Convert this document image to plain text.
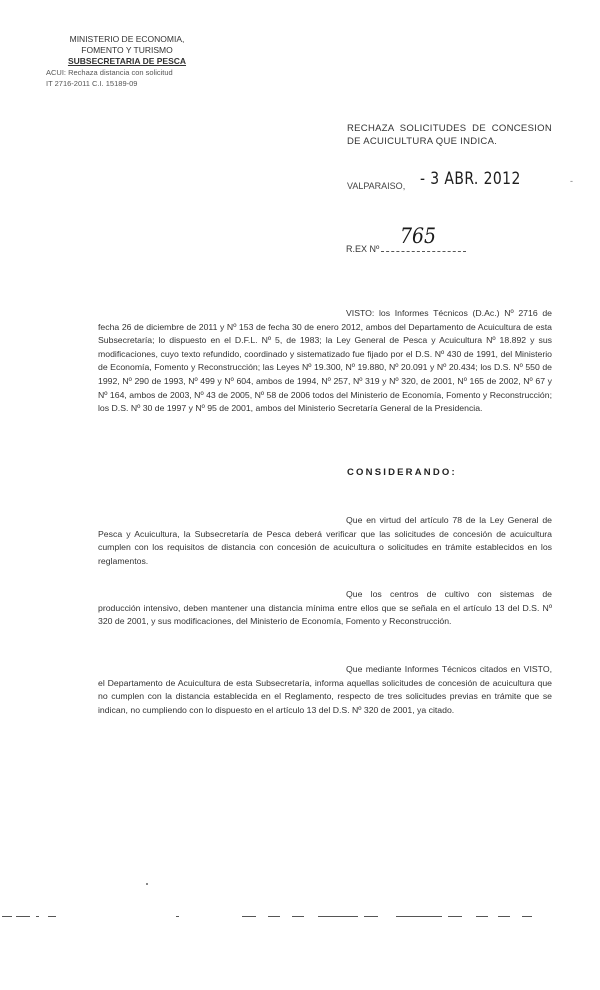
MINISTERIO DE ECONOMIA,
FOMENTO Y TURISMO
SUBSECRETARIA DE PESCA
ACUI: Rechaza distancia con solicitud
IT 2716-2011 C.I. 15189-09
RECHAZA SOLICITUDES DE CONCESION DE ACUICULTURA QUE INDICA.
VALPARAISO, - 3 ABR. 2012	-
R.EX Nº
765
VISTO: los Informes Técnicos (D.Ac.) Nº 2716 de fecha 26 de diciembre de 2011 y Nº 153 de fecha 30 de enero 2012, ambos del Departamento de Acuicultura de esta Subsecretaría; lo dispuesto en el D.F.L. Nº 5, de 1983; la Ley General de Pesca y Acuicultura Nº 18.892 y sus modificaciones, cuyo texto refundido, coordinado y sistematizado fue fijado por el D.S. Nº 430 de 1991, del Ministerio de Economía, Fomento y Reconstrucción; las Leyes Nº 19.300, Nº 19.880, Nº 20.091 y Nº 20.434; los D.S. Nº 550 de 1992, Nº 290 de 1993, Nº 499 y Nº 604, ambos de 1994, Nº 257, Nº 319 y Nº 320, de 2001, Nº 165 de 2002, Nº 67 y Nº 164, ambos de 2003, Nº 43 de 2005, Nº 58 de 2006 todos del Ministerio de Economía, Fomento y Reconstrucción; los D.S. Nº 30 de 1997 y Nº 95 de 2001, ambos del Ministerio Secretaría General de la Presidencia.
CONSIDERANDO:
Que en virtud del artículo 78 de la Ley General de Pesca y Acuicultura, la Subsecretaría de Pesca deberá verificar que las solicitudes de concesión de acuicultura cumplen con los requisitos de distancia con concesión de acuicultura o solicitudes en trámite establecidos en los reglamentos.
Que los centros de cultivo con sistemas de producción intensivo, deben mantener una distancia mínima entre ellos que se señala en el artículo 13 del D.S. Nº 320 de 2001, y sus modificaciones, del Ministerio de Economía, Fomento y Reconstrucción.
Que mediante Informes Técnicos citados en VISTO, el Departamento de Acuicultura de esta Subsecretaría, informa aquellas solicitudes de concesión de acuicultura que no cumplen con la distancia establecida en el Reglamento, respecto de tres solicitudes previas en trámite que se indican, no cumpliendo con lo dispuesto en el artículo 13 del D.S. Nº 320 de 2001, ya citado.
